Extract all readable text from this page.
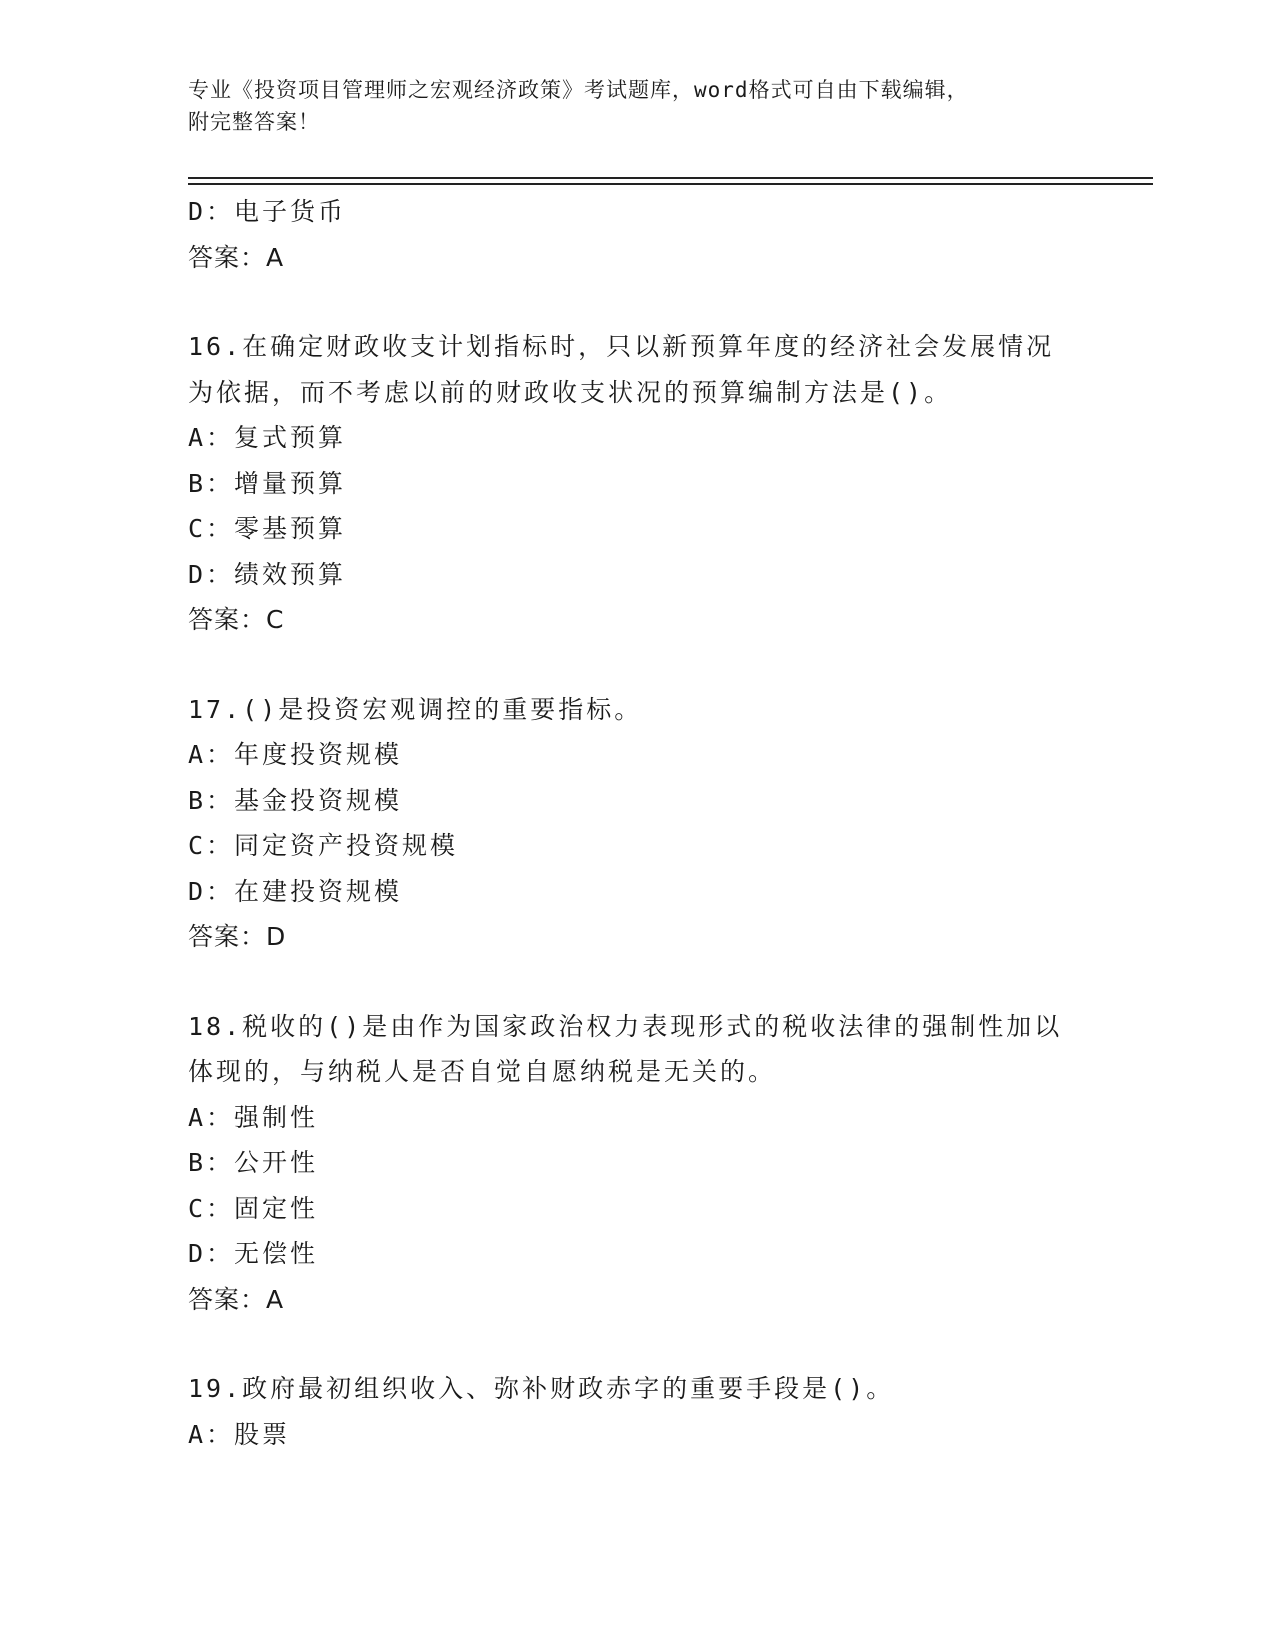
专业《投资项目管理师之宏观经济政策》考试题库，word格式可自由下载编辑，
附完整答案！
D：电子货币
答案：A
16.在确定财政收支计划指标时，只以新预算年度的经济社会发展情况
为依据，而不考虑以前的财政收支状况的预算编制方法是()。
A：复式预算
B：增量预算
C：零基预算
D：绩效预算
答案：C
17.()是投资宏观调控的重要指标。
A：年度投资规模
B：基金投资规模
C：同定资产投资规模
D：在建投资规模
答案：D
18.税收的()是由作为国家政治权力表现形式的税收法律的强制性加以
体现的，与纳税人是否自觉自愿纳税是无关的。
A：强制性
B：公开性
C：固定性
D：无偿性
答案：A
19.政府最初组织收入、弥补财政赤字的重要手段是()。
A：股票
